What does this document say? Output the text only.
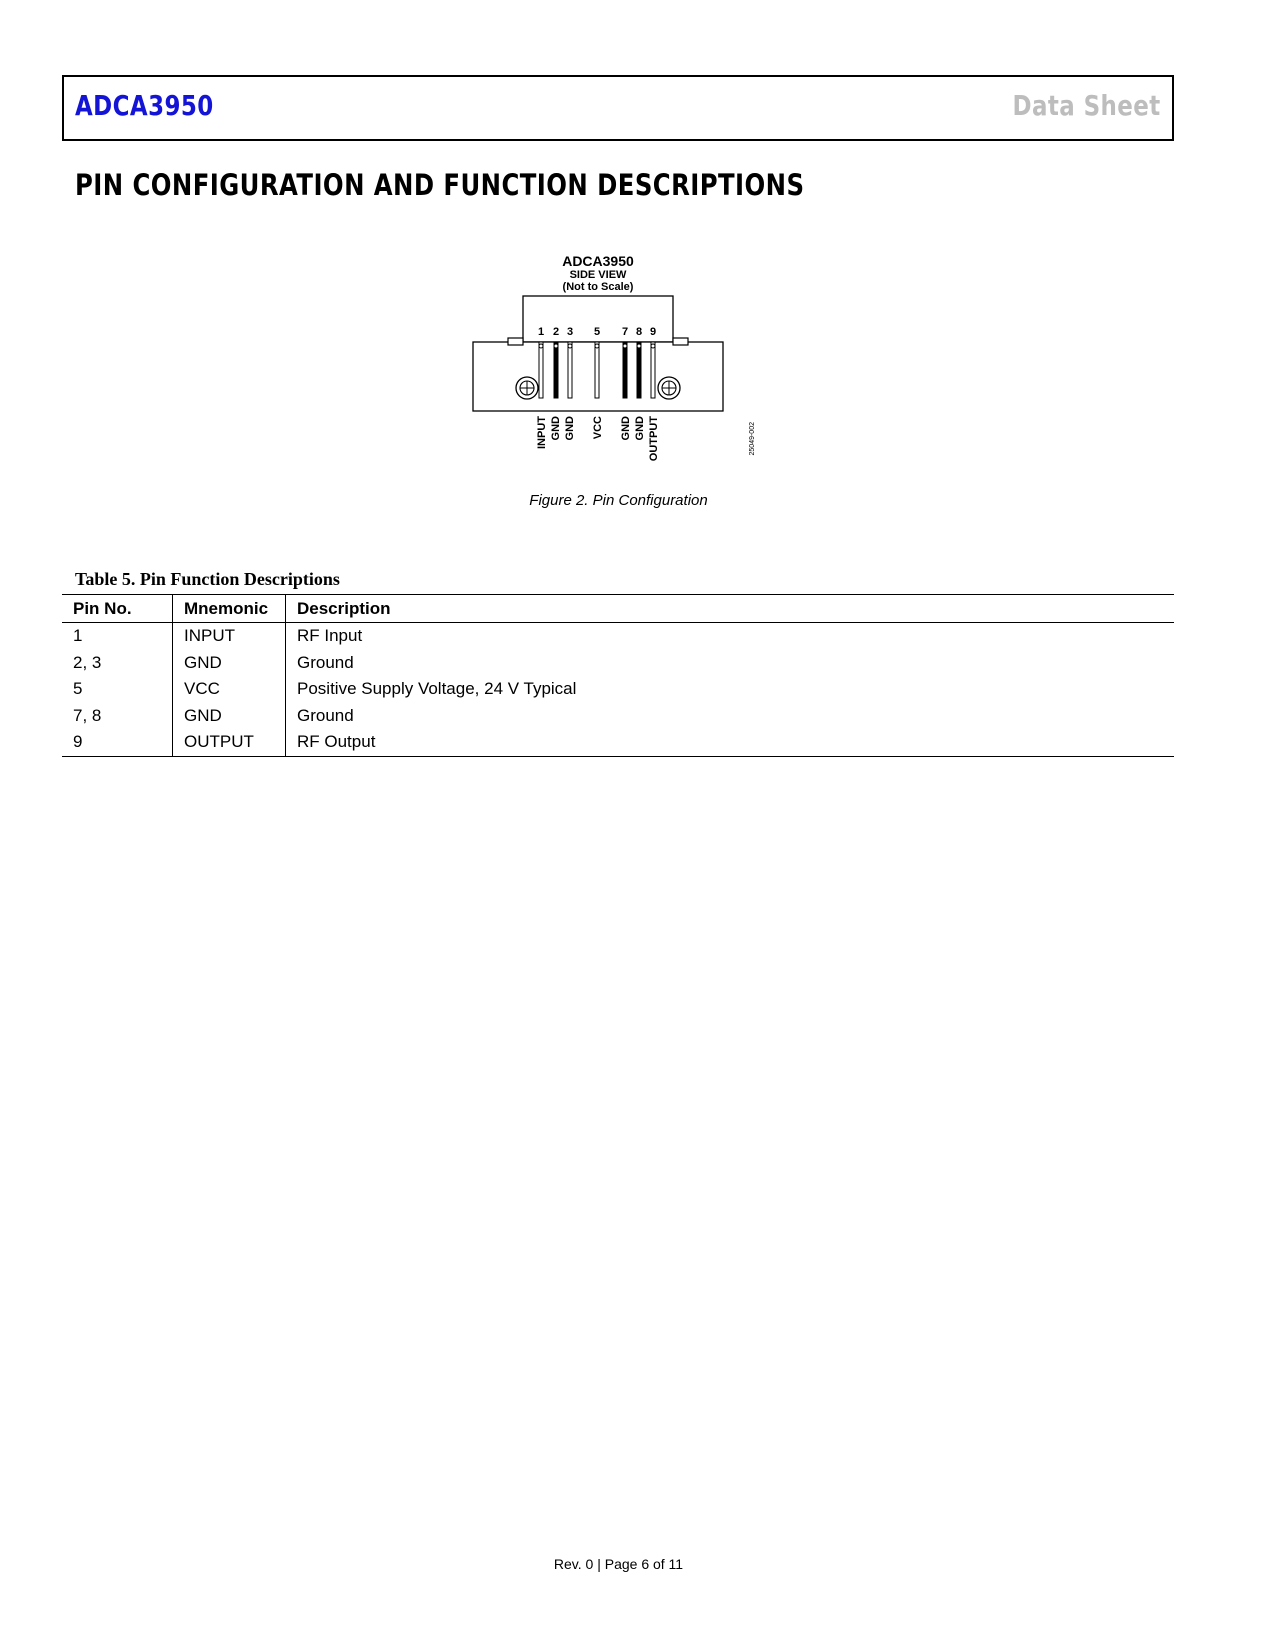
ADCA3950	Data Sheet
PIN CONFIGURATION AND FUNCTION DESCRIPTIONS
ADCA3950
SIDE VIEW
(Not to Scale)
1 2 3 5 7 8 9
INPUT GND GND VCC GND GND OUTPUT	25049-002
Figure 2. Pin Configuration
Table 5. Pin Function Descriptions
Pin No.	Mnemonic	Description
1	INPUT	RF Input
2, 3	GND	Ground
5	VCC	Positive Supply Voltage, 24 V Typical
7, 8	GND	Ground
9	OUTPUT	RF Output
Rev. 0 | Page 6 of 11
